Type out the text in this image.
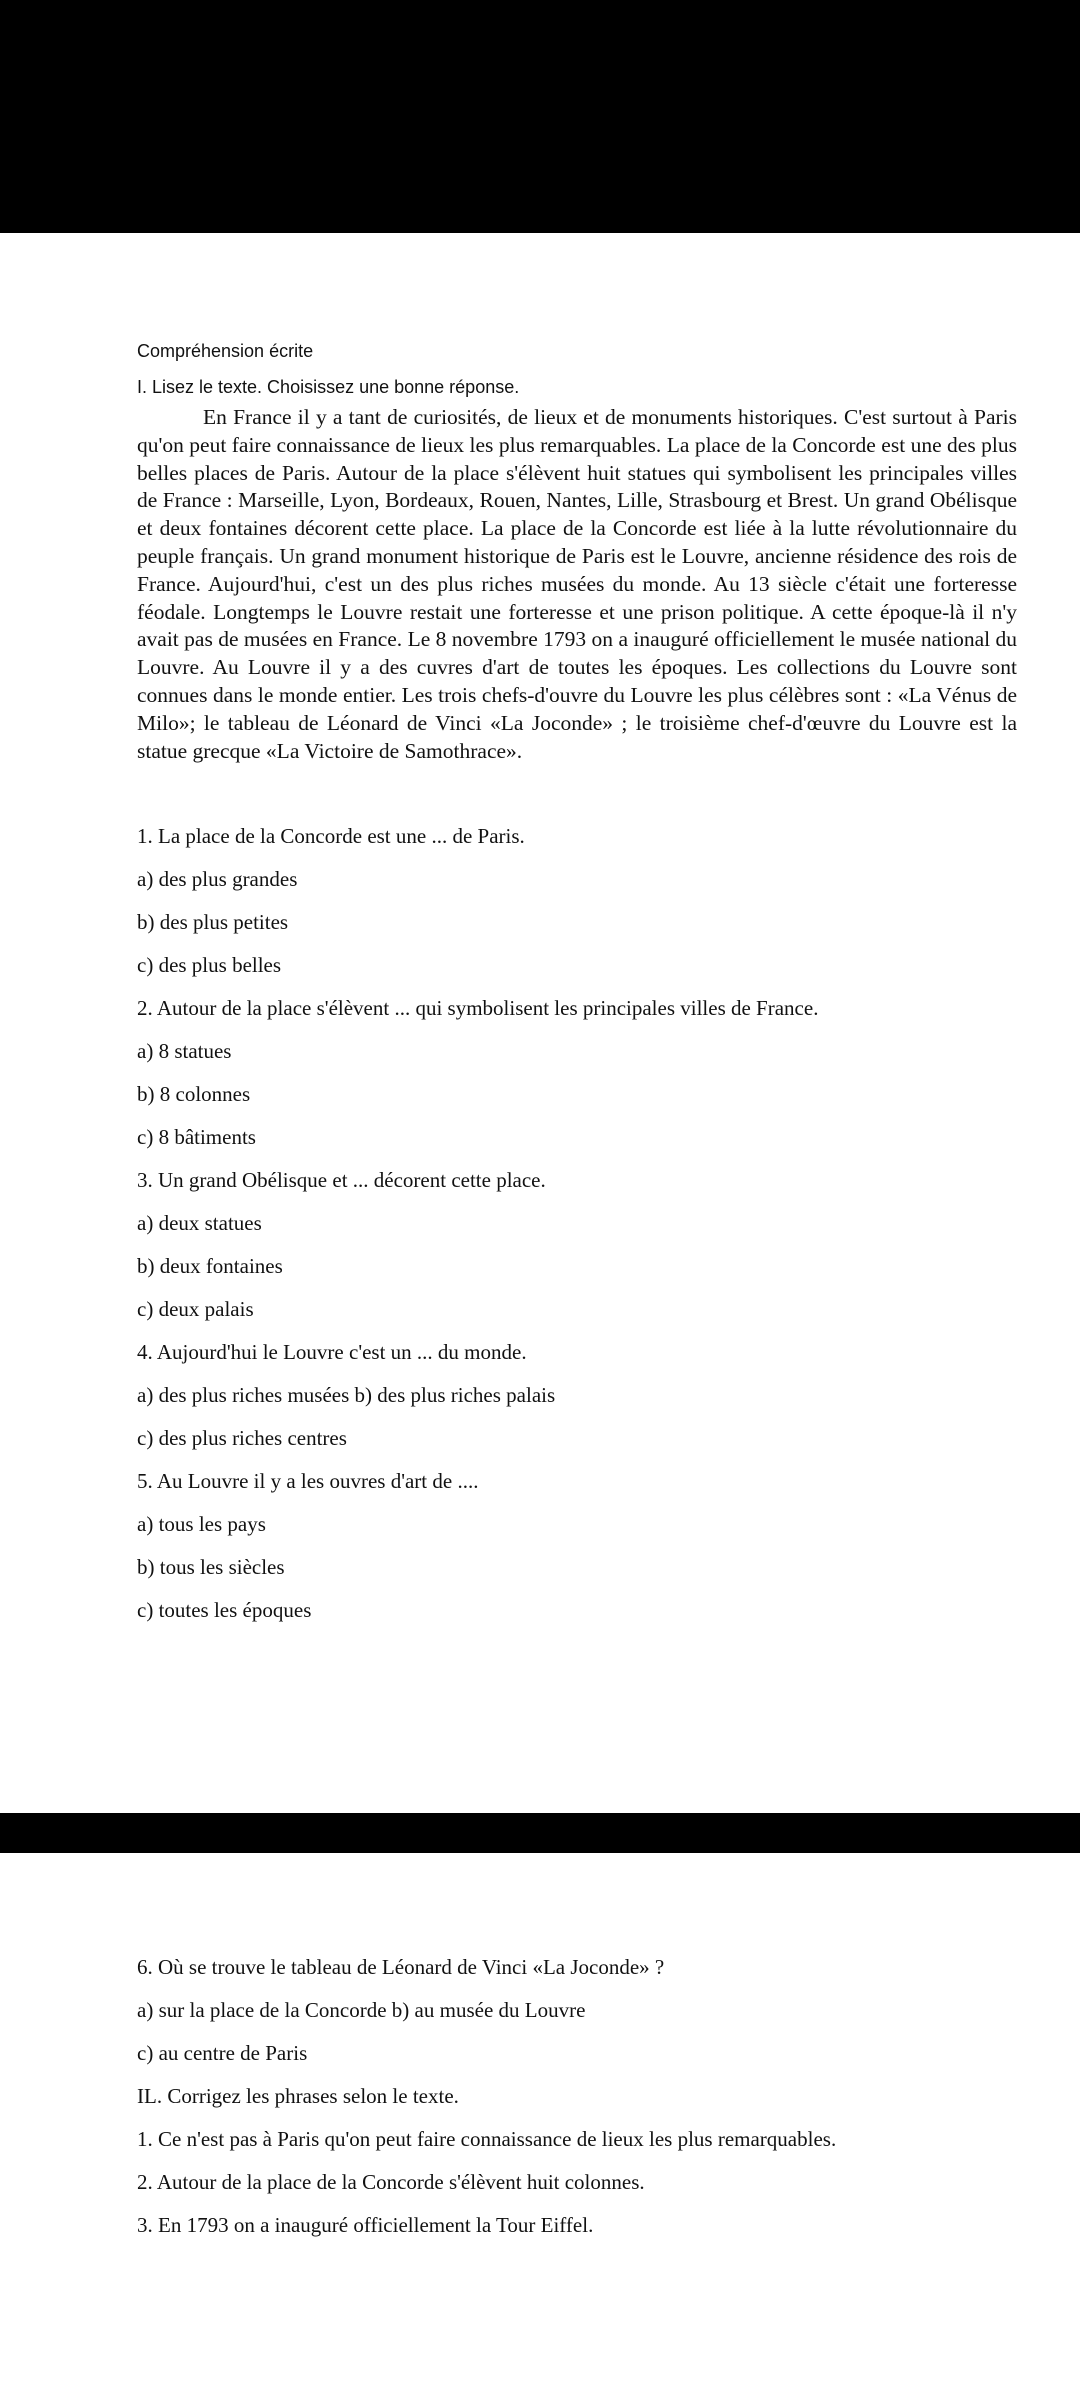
Compréhension écrite
I. Lisez le texte. Choisissez une bonne réponse.

En France il y a tant de curiosités, de lieux et de monuments historiques. C'est surtout à Paris qu'on peut faire connaissance de lieux les plus remarquables. La place de la Concorde est une des plus belles places de Paris. Autour de la place s'élèvent huit statues qui symbolisent les principales villes de France : Marseille, Lyon, Bordeaux, Rouen, Nantes, Lille, Strasbourg et Brest. Un grand Obélisque et deux fontaines décorent cette place. La place de la Concorde est liée à la lutte révolutionnaire du peuple français. Un grand monument historique de Paris est le Louvre, ancienne résidence des rois de France. Aujourd'hui, c'est un des plus riches musées du monde. Au 13 siècle c'était une forteresse féodale. Longtemps le Louvre restait une forteresse et une prison politique. A cette époque-là il n'y avait pas de musées en France. Le 8 novembre 1793 on a inauguré officiellement le musée national du Louvre. Au Louvre il y a des cuvres d'art de toutes les époques. Les collections du Louvre sont connues dans le monde entier. Les trois chefs-d'ouvre du Louvre les plus célèbres sont : «La Vénus de Milo»; le tableau de Léonard de Vinci «La Joconde» ; le troisième chef-d'œuvre du Louvre est la statue grecque «La Victoire de Samothrace».

1. La place de la Concorde est une ... de Paris.
a) des plus grandes
b) des plus petites
c) des plus belles
2. Autour de la place s'élèvent ... qui symbolisent les principales villes de France.
a) 8 statues
b) 8 colonnes
c) 8 bâtiments
3. Un grand Obélisque et ... décorent cette place.
a) deux statues
b) deux fontaines
c) deux palais
4. Aujourd'hui le Louvre c'est un ... du monde.
a) des plus riches musées b) des plus riches palais
c) des plus riches centres
5. Au Louvre il y a les ouvres d'art de ....
a) tous les pays
b) tous les siècles
c) toutes les époques
6. Où se trouve le tableau de Léonard de Vinci «La Joconde» ?
a) sur la place de la Concorde b) au musée du Louvre
c) au centre de Paris
IL. Corrigez les phrases selon le texte.
1. Ce n'est pas à Paris qu'on peut faire connaissance de lieux les plus remarquables.
2. Autour de la place de la Concorde s'élèvent huit colonnes.
3. En 1793 on a inauguré officiellement la Tour Eiffel.
